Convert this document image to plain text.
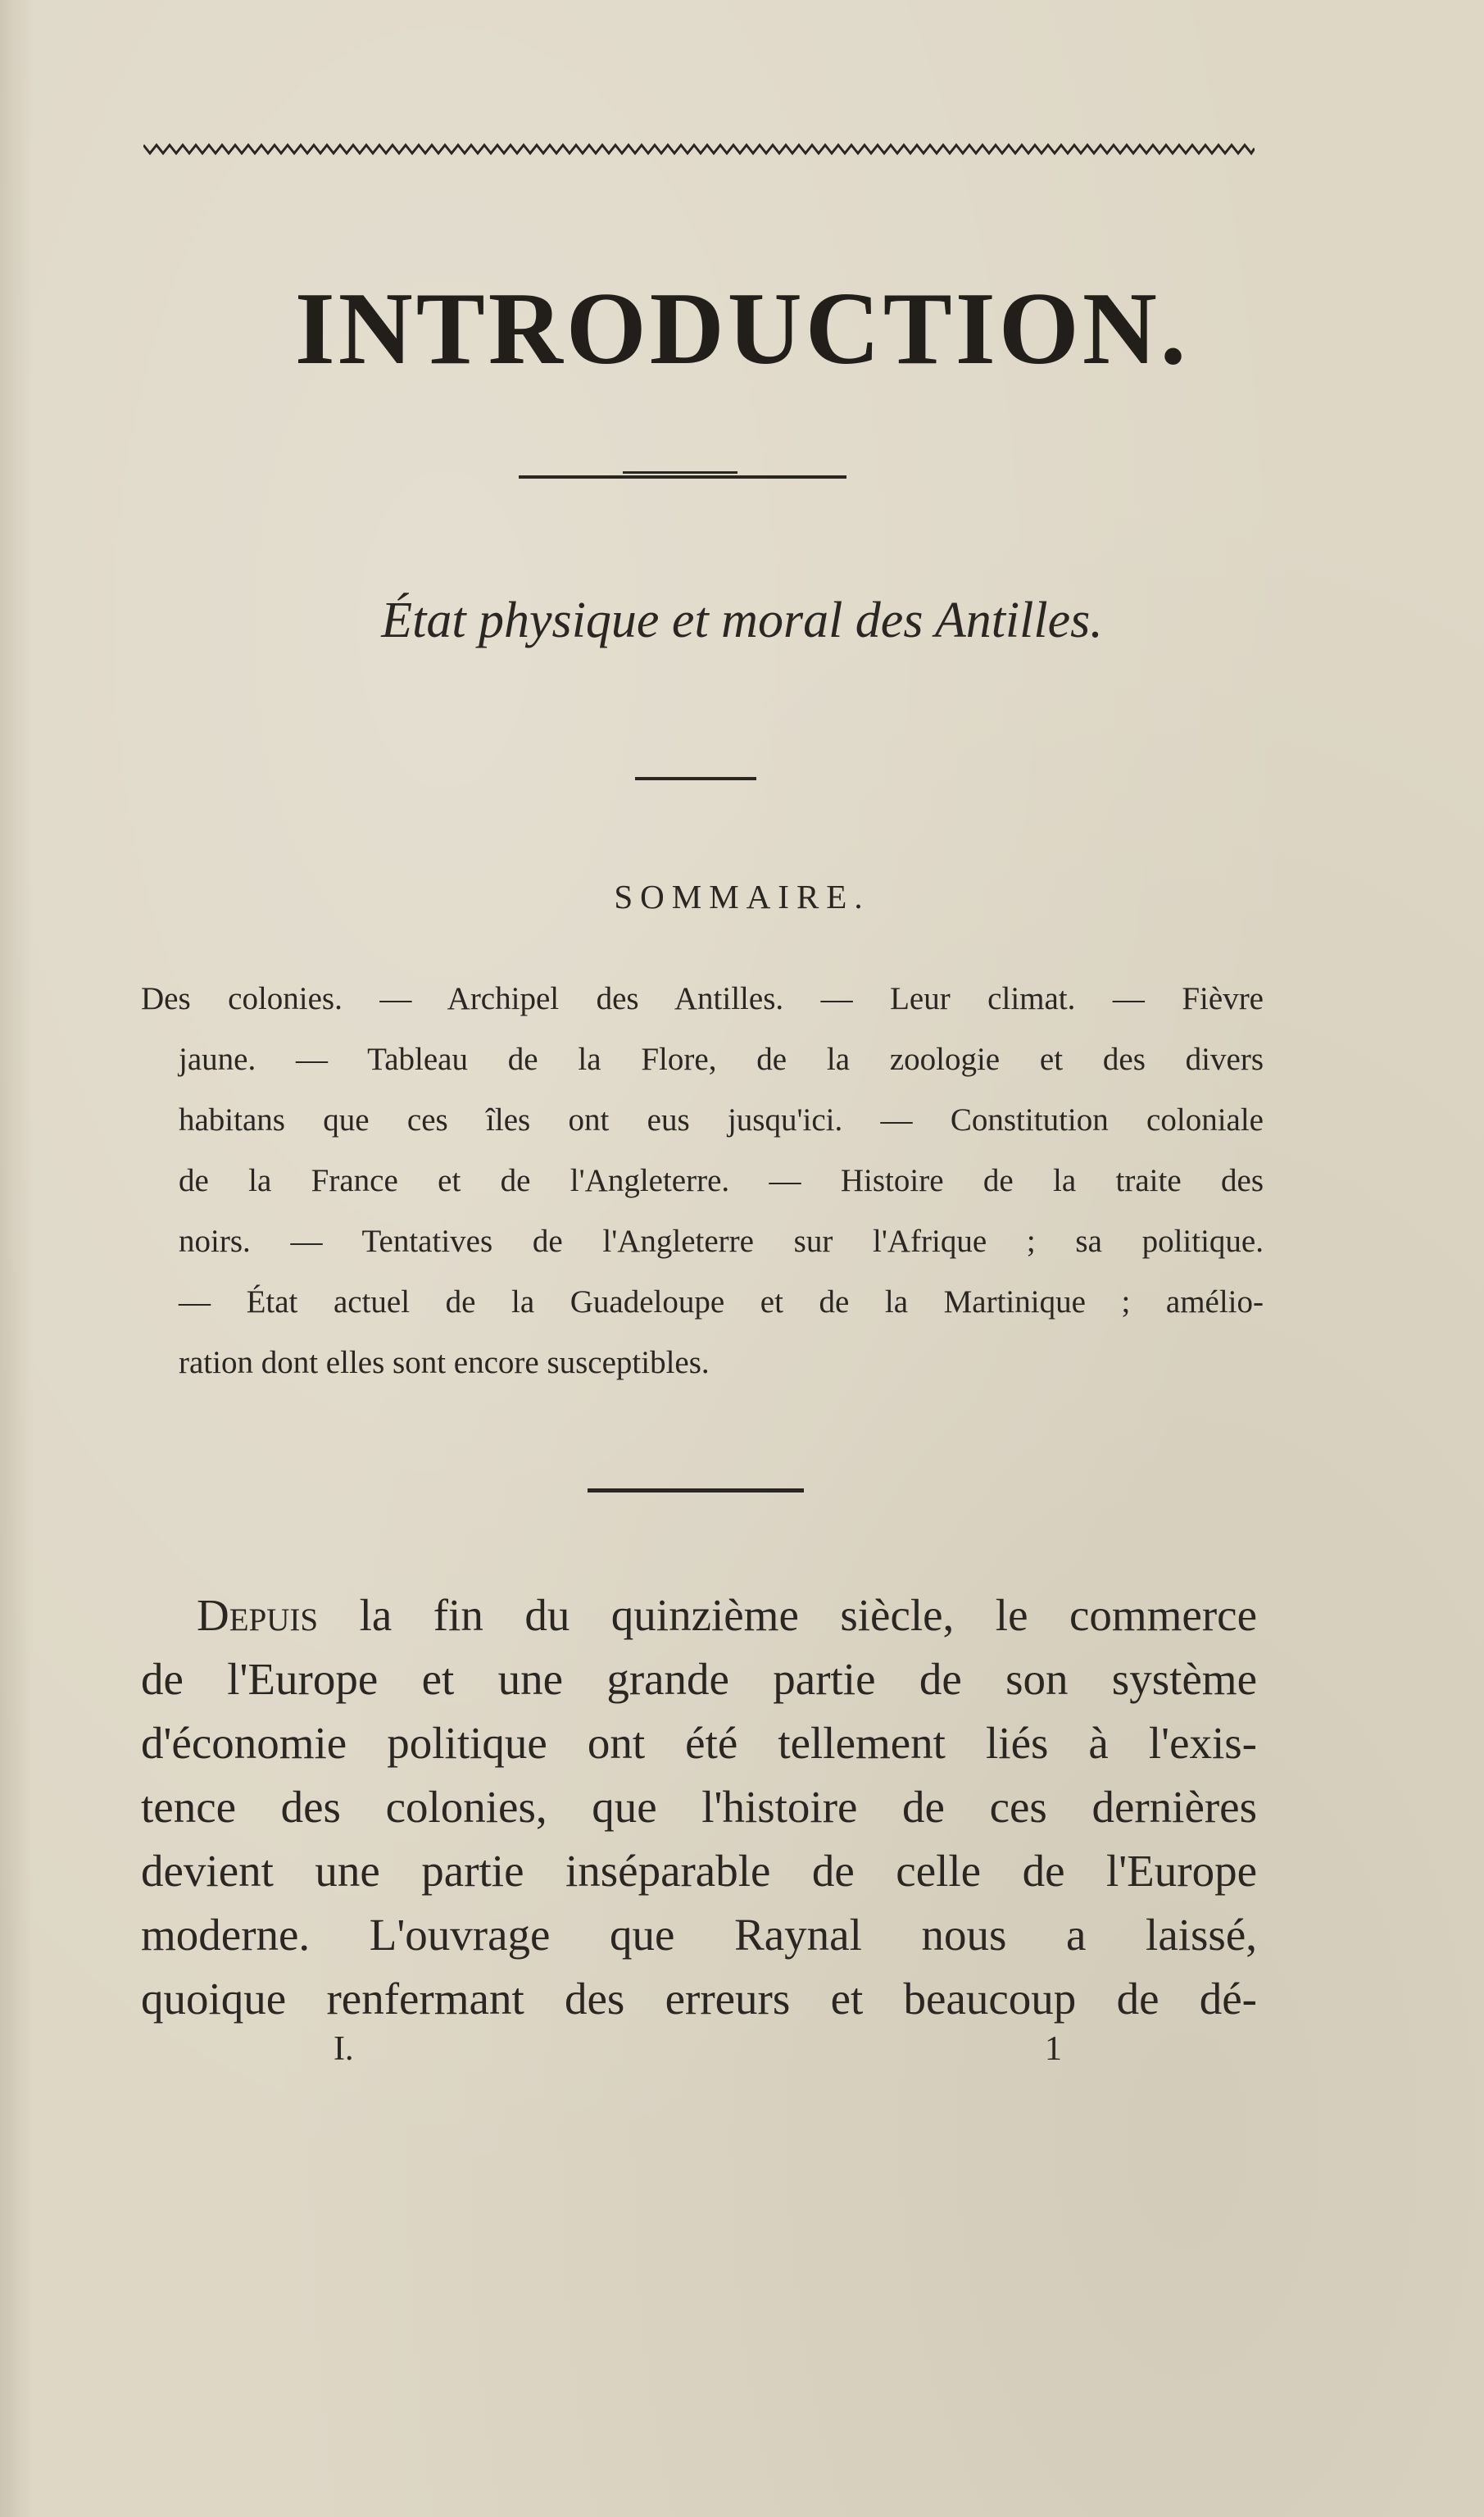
INTRODUCTION.
État physique et moral des Antilles.
SOMMAIRE.
Des colonies. — Archipel des Antilles. — Leur climat. — Fièvre
jaune. — Tableau de la Flore, de la zoologie et des divers
habitans que ces îles ont eus jusqu'ici. — Constitution coloniale
de la France et de l'Angleterre. — Histoire de la traite des
noirs. — Tentatives de l'Angleterre sur l'Afrique ; sa politique.
— État actuel de la Guadeloupe et de la Martinique ; amélio-
ration dont elles sont encore susceptibles.
Depuis la fin du quinzième siècle, le commerce
de l'Europe et une grande partie de son système
d'économie politique ont été tellement liés à l'exis-
tence des colonies, que l'histoire de ces dernières
devient une partie inséparable de celle de l'Europe
moderne. L'ouvrage que Raynal nous a laissé,
quoique renfermant des erreurs et beaucoup de dé-
I.	1
